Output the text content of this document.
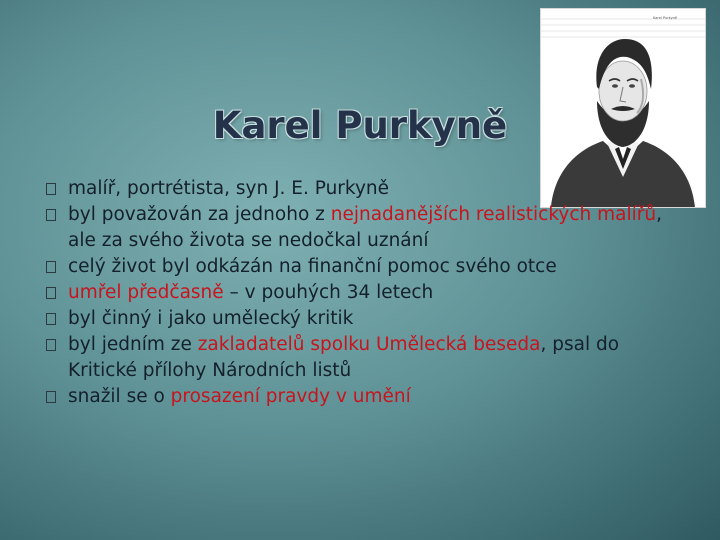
Karel Purkyně
Karel Purkyně
malíř, portrétista, syn J. E. Purkyně
byl považován za jednoho z nejnadanějších realistických malířů, ale za svého života se nedočkal uznání
celý život byl odkázán na finanční pomoc svého otce
umřel předčasně – v pouhých 34 letech
byl činný i jako umělecký kritik
byl jedním ze zakladatelů spolku Umělecká beseda, psal do Kritické přílohy Národních listů
snažil se o prosazení pravdy v umění
